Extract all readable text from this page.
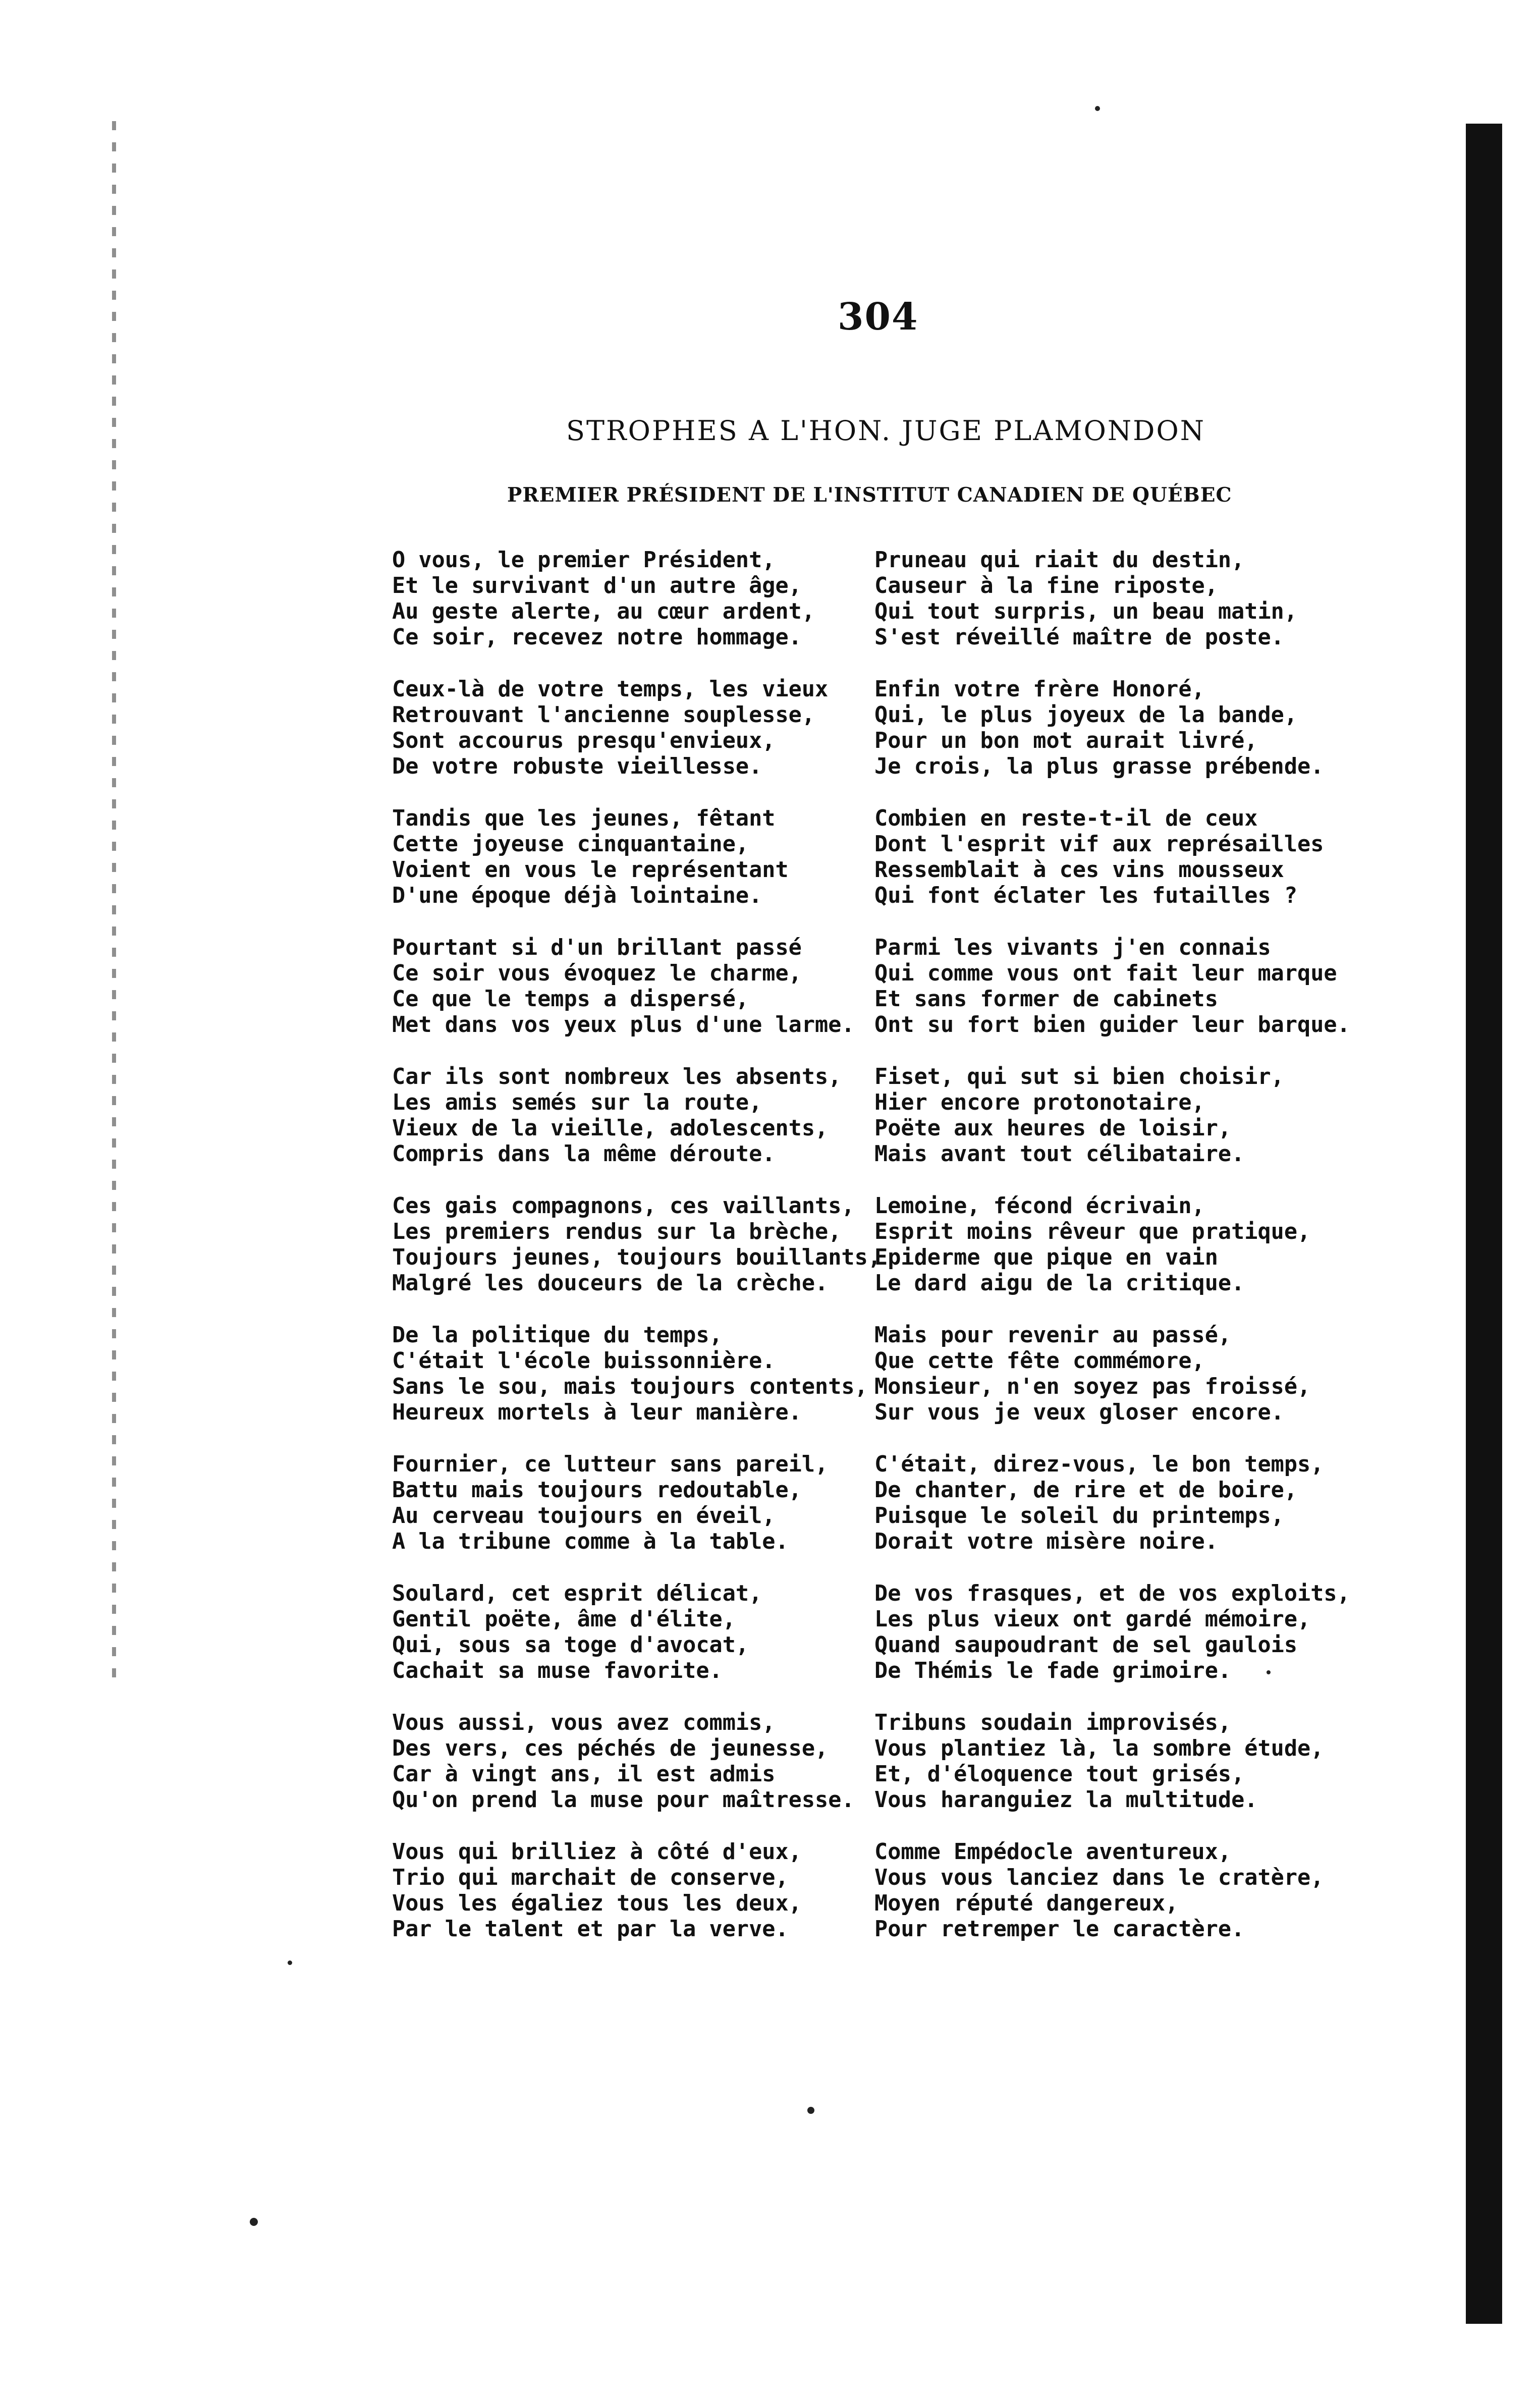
304
STROPHES A L'HON. JUGE PLAMONDON
PREMIER PRÉSIDENT DE L'INSTITUT CANADIEN DE QUÉBEC
O vous, le premier Président,
Et le survivant d'un autre âge,
Au geste alerte, au cœur ardent,
Ce soir, recevez notre hommage.
Ceux-là de votre temps, les vieux
Retrouvant l'ancienne souplesse,
Sont accourus presqu'envieux,
De votre robuste vieillesse.
Tandis que les jeunes, fêtant
Cette joyeuse cinquantaine,
Voient en vous le représentant
D'une époque déjà lointaine.
Pourtant si d'un brillant passé
Ce soir vous évoquez le charme,
Ce que le temps a dispersé,
Met dans vos yeux plus d'une larme.
Car ils sont nombreux les absents,
Les amis semés sur la route,
Vieux de la vieille, adolescents,
Compris dans la même déroute.
Ces gais compagnons, ces vaillants,
Les premiers rendus sur la brèche,
Toujours jeunes, toujours bouillants,
Malgré les douceurs de la crèche.
De la politique du temps,
C'était l'école buissonnière.
Sans le sou, mais toujours contents,
Heureux mortels à leur manière.
Fournier, ce lutteur sans pareil,
Battu mais toujours redoutable,
Au cerveau toujours en éveil,
A la tribune comme à la table.
Soulard, cet esprit délicat,
Gentil poëte, âme d'élite,
Qui, sous sa toge d'avocat,
Cachait sa muse favorite.
Vous aussi, vous avez commis,
Des vers, ces péchés de jeunesse,
Car à vingt ans, il est admis
Qu'on prend la muse pour maîtresse.
Vous qui brilliez à côté d'eux,
Trio qui marchait de conserve,
Vous les égaliez tous les deux,
Par le talent et par la verve.
Pruneau qui riait du destin,
Causeur à la fine riposte,
Qui tout surpris, un beau matin,
S'est réveillé maître de poste.
Enfin votre frère Honoré,
Qui, le plus joyeux de la bande,
Pour un bon mot aurait livré,
Je crois, la plus grasse prébende.
Combien en reste-t-il de ceux
Dont l'esprit vif aux représailles
Ressemblait à ces vins mousseux
Qui font éclater les futailles ?
Parmi les vivants j'en connais
Qui comme vous ont fait leur marque
Et sans former de cabinets
Ont su fort bien guider leur barque.
Fiset, qui sut si bien choisir,
Hier encore protonotaire,
Poëte aux heures de loisir,
Mais avant tout célibataire.
Lemoine, fécond écrivain,
Esprit moins rêveur que pratique,
Epiderme que pique en vain
Le dard aigu de la critique.
Mais pour revenir au passé,
Que cette fête commémore,
Monsieur, n'en soyez pas froissé,
Sur vous je veux gloser encore.
C'était, direz-vous, le bon temps,
De chanter, de rire et de boire,
Puisque le soleil du printemps,
Dorait votre misère noire.
De vos frasques, et de vos exploits,
Les plus vieux ont gardé mémoire,
Quand saupoudrant de sel gaulois
De Thémis le fade grimoire.
Tribuns soudain improvisés,
Vous plantiez là, la sombre étude,
Et, d'éloquence tout grisés,
Vous haranguiez la multitude.
Comme Empédocle aventureux,
Vous vous lanciez dans le cratère,
Moyen réputé dangereux,
Pour retremper le caractère.
